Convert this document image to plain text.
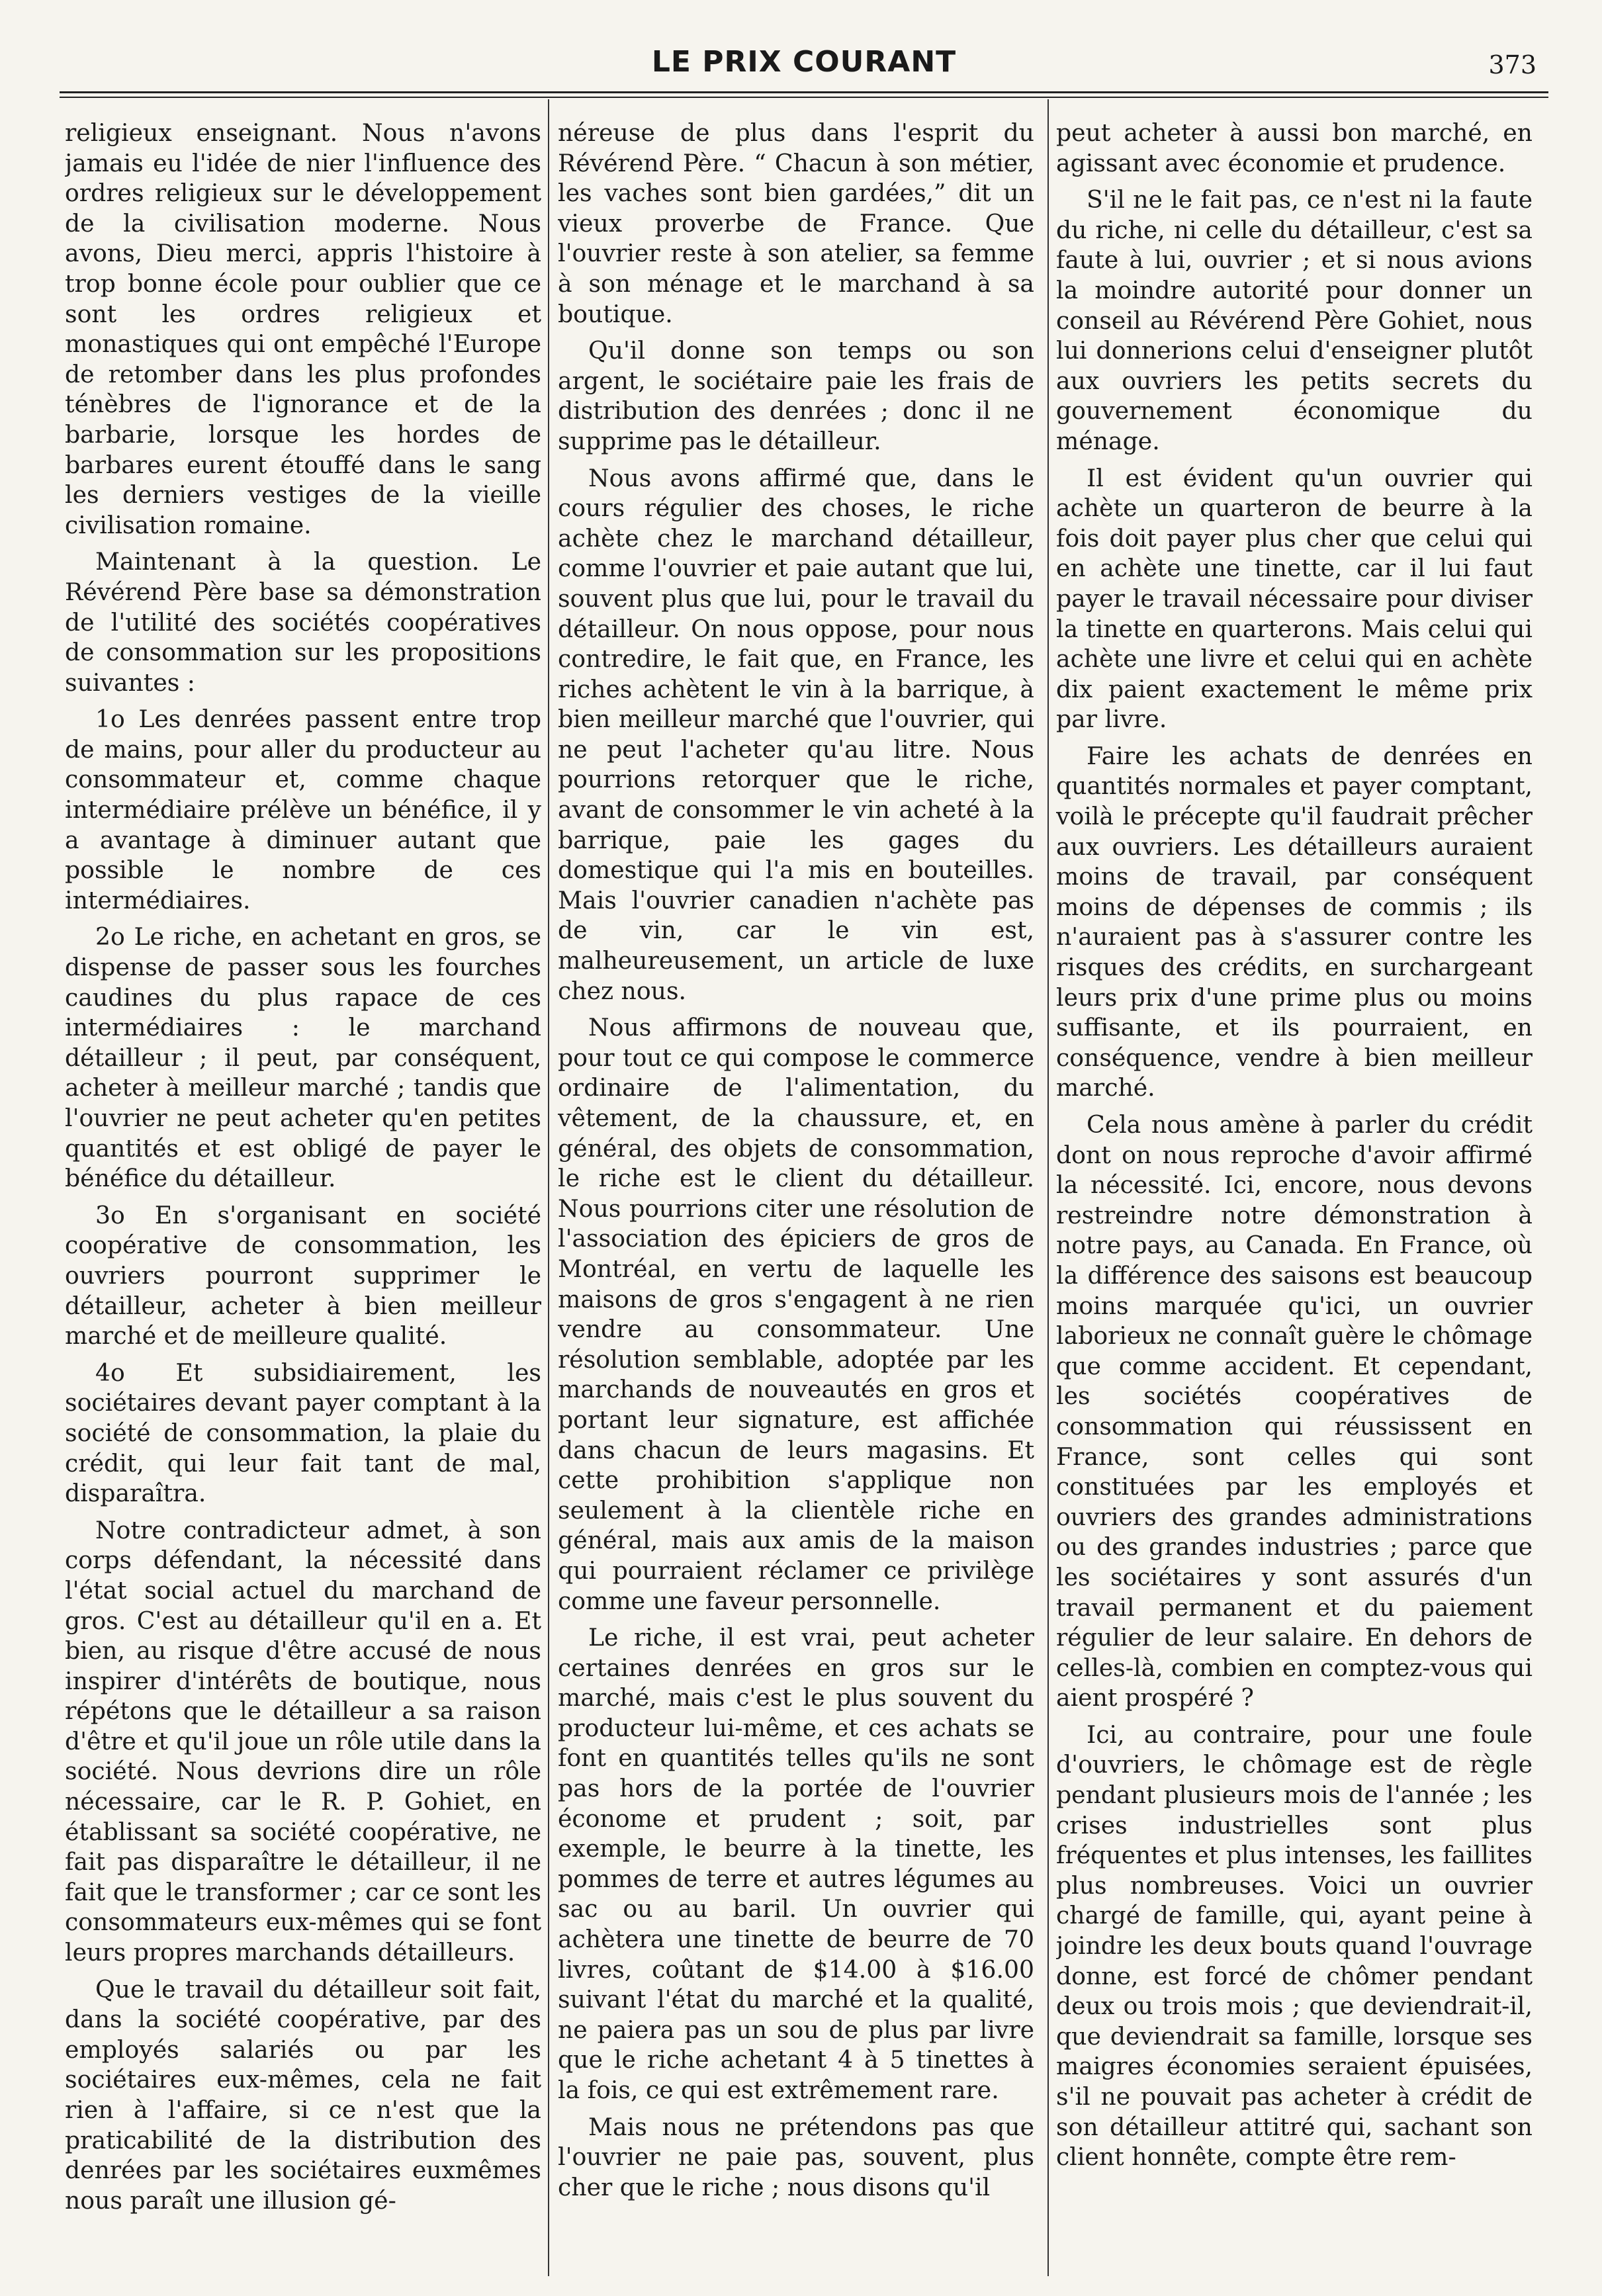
LE PRIX COURANT	373

religieux enseignant. Nous n'avons jamais eu l'idée de nier l'influence des ordres religieux sur le développement de la civilisation moderne. Nous avons, Dieu merci, appris l'histoire à trop bonne école pour oublier que ce sont les ordres religieux et monastiques qui ont empêché l'Europe de retomber dans les plus profondes ténèbres de l'ignorance et de la barbarie, lorsque les hordes de barbares eurent étouffé dans le sang les derniers vestiges de la vieille civilisation romaine.

Maintenant à la question. Le Révérend Père base sa démonstration de l'utilité des sociétés coopératives de consommation sur les propositions suivantes :

1o Les denrées passent entre trop de mains, pour aller du producteur au consommateur et, comme chaque intermédiaire prélève un bénéfice, il y a avantage à diminuer autant que possible le nombre de ces intermédiaires.

2o Le riche, en achetant en gros, se dispense de passer sous les fourches caudines du plus rapace de ces intermédiaires : le marchand détailleur ; il peut, par conséquent, acheter à meilleur marché ; tandis que l'ouvrier ne peut acheter qu'en petites quantités et est obligé de payer le bénéfice du détailleur.

3o En s'organisant en société coopérative de consommation, les ouvriers pourront supprimer le détailleur, acheter à bien meilleur marché et de meilleure qualité.

4o Et subsidiairement, les sociétaires devant payer comptant à la société de consommation, la plaie du crédit, qui leur fait tant de mal, disparaîtra.

Notre contradicteur admet, à son corps défendant, la nécessité dans l'état social actuel du marchand de gros. C'est au détailleur qu'il en a. Et bien, au risque d'être accusé de nous inspirer d'intérêts de boutique, nous répétons que le détailleur a sa raison d'être et qu'il joue un rôle utile dans la société. Nous devrions dire un rôle nécessaire, car le R. P. Gohiet, en établissant sa société coopérative, ne fait pas disparaître le détailleur, il ne fait que le transformer ; car ce sont les consommateurs eux-mêmes qui se font leurs propres marchands détailleurs.

Que le travail du détailleur soit fait, dans la société coopérative, par des employés salariés ou par les sociétaires eux-mêmes, cela ne fait rien à l'affaire, si ce n'est que la praticabilité de la distribution des denrées par les sociétaires euxmêmes nous paraît une illusion gé-

néreuse de plus dans l'esprit du Révérend Père. “ Chacun à son métier, les vaches sont bien gardées,” dit un vieux proverbe de France. Que l'ouvrier reste à son atelier, sa femme à son ménage et le marchand à sa boutique.

Qu'il donne son temps ou son argent, le sociétaire paie les frais de distribution des denrées ; donc il ne supprime pas le détailleur.

Nous avons affirmé que, dans le cours régulier des choses, le riche achète chez le marchand détailleur, comme l'ouvrier et paie autant que lui, souvent plus que lui, pour le travail du détailleur. On nous oppose, pour nous contredire, le fait que, en France, les riches achètent le vin à la barrique, à bien meilleur marché que l'ouvrier, qui ne peut l'acheter qu'au litre. Nous pourrions retorquer que le riche, avant de consommer le vin acheté à la barrique, paie les gages du domestique qui l'a mis en bouteilles. Mais l'ouvrier canadien n'achète pas de vin, car le vin est, malheureusement, un article de luxe chez nous.

Nous affirmons de nouveau que, pour tout ce qui compose le commerce ordinaire de l'alimentation, du vêtement, de la chaussure, et, en général, des objets de consommation, le riche est le client du détailleur. Nous pourrions citer une résolution de l'association des épiciers de gros de Montréal, en vertu de laquelle les maisons de gros s'engagent à ne rien vendre au consommateur. Une résolution semblable, adoptée par les marchands de nouveautés en gros et portant leur signature, est affichée dans chacun de leurs magasins. Et cette prohibition s'applique non seulement à la clientèle riche en général, mais aux amis de la maison qui pourraient réclamer ce privilège comme une faveur personnelle.

Le riche, il est vrai, peut acheter certaines denrées en gros sur le marché, mais c'est le plus souvent du producteur lui-même, et ces achats se font en quantités telles qu'ils ne sont pas hors de la portée de l'ouvrier économe et prudent ; soit, par exemple, le beurre à la tinette, les pommes de terre et autres légumes au sac ou au baril. Un ouvrier qui achètera une tinette de beurre de 70 livres, coûtant de $14.00 à $16.00 suivant l'état du marché et la qualité, ne paiera pas un sou de plus par livre que le riche achetant 4 à 5 tinettes à la fois, ce qui est extrêmement rare.

Mais nous ne prétendons pas que l'ouvrier ne paie pas, souvent, plus cher que le riche ; nous disons qu'il

peut acheter à aussi bon marché, en agissant avec économie et prudence.

S'il ne le fait pas, ce n'est ni la faute du riche, ni celle du détailleur, c'est sa faute à lui, ouvrier ; et si nous avions la moindre autorité pour donner un conseil au Révérend Père Gohiet, nous lui donnerions celui d'enseigner plutôt aux ouvriers les petits secrets du gouvernement économique du ménage.

Il est évident qu'un ouvrier qui achète un quarteron de beurre à la fois doit payer plus cher que celui qui en achète une tinette, car il lui faut payer le travail nécessaire pour diviser la tinette en quarterons. Mais celui qui achète une livre et celui qui en achète dix paient exactement le même prix par livre.

Faire les achats de denrées en quantités normales et payer comptant, voilà le précepte qu'il faudrait prêcher aux ouvriers. Les détailleurs auraient moins de travail, par conséquent moins de dépenses de commis ; ils n'auraient pas à s'assurer contre les risques des crédits, en surchargeant leurs prix d'une prime plus ou moins suffisante, et ils pourraient, en conséquence, vendre à bien meilleur marché.

Cela nous amène à parler du crédit dont on nous reproche d'avoir affirmé la nécessité. Ici, encore, nous devons restreindre notre démonstration à notre pays, au Canada. En France, où la différence des saisons est beaucoup moins marquée qu'ici, un ouvrier laborieux ne connaît guère le chômage que comme accident. Et cependant, les sociétés coopératives de consommation qui réussissent en France, sont celles qui sont constituées par les employés et ouvriers des grandes administrations ou des grandes industries ; parce que les sociétaires y sont assurés d'un travail permanent et du paiement régulier de leur salaire. En dehors de celles-là, combien en comptez-vous qui aient prospéré ?

Ici, au contraire, pour une foule d'ouvriers, le chômage est de règle pendant plusieurs mois de l'année ; les crises industrielles sont plus fréquentes et plus intenses, les faillites plus nombreuses. Voici un ouvrier chargé de famille, qui, ayant peine à joindre les deux bouts quand l'ouvrage donne, est forcé de chômer pendant deux ou trois mois ; que deviendrait-il, que deviendrait sa famille, lorsque ses maigres économies seraient épuisées, s'il ne pouvait pas acheter à crédit de son détailleur attitré qui, sachant son client honnête, compte être rem-
